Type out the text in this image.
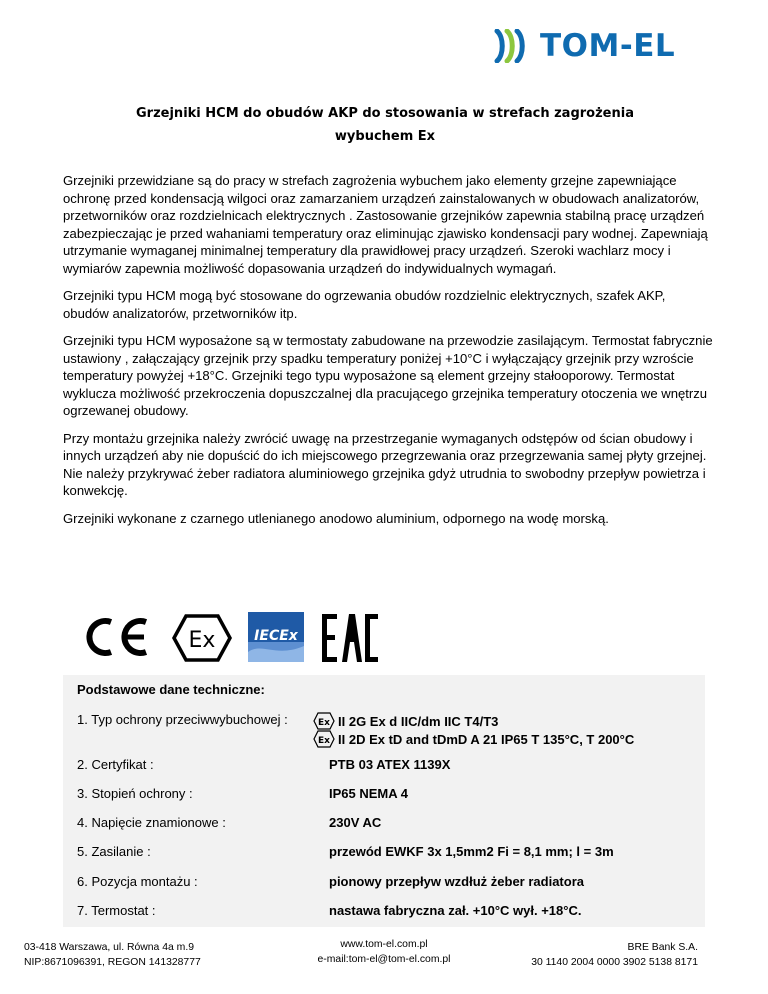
TOM-EL
Grzejniki HCM do obudów AKP do stosowania w strefach zagrożenia
wybuchem Ex

Grzejniki przewidziane są do pracy w strefach zagrożenia wybuchem jako elementy grzejne zapewniające ochronę przed kondensacją wilgoci oraz zamarzaniem urządzeń zainstalowanych w obudowach analizatorów, przetworników oraz rozdzielnicach elektrycznych . Zastosowanie grzejników zapewnia stabilną pracę urządzeń zabezpieczając je przed wahaniami temperatury oraz eliminując zjawisko kondensacji pary wodnej. Zapewniają utrzymanie wymaganej minimalnej temperatury dla prawidłowej pracy urządzeń. Szeroki wachlarz mocy i wymiarów zapewnia możliwość dopasowania urządzeń do indywidualnych wymagań.

Grzejniki typu HCM mogą być stosowane do ogrzewania obudów rozdzielnic elektrycznych, szafek AKP, obudów analizatorów, przetworników itp.

Grzejniki typu HCM wyposażone są w termostaty zabudowane na przewodzie zasilającym. Termostat fabrycznie ustawiony , załączający grzejnik przy spadku temperatury poniżej +10°C i wyłączający grzejnik przy wzroście temperatury powyżej +18°C. Grzejniki tego typu wyposażone są element grzejny stałooporowy. Termostat wyklucza możliwość przekroczenia dopuszczalnej dla pracującego grzejnika temperatury otoczenia we wnętrzu ogrzewanej obudowy.

Przy montażu grzejnika należy zwrócić uwagę na przestrzeganie wymaganych odstępów od ścian obudowy i innych urządzeń aby nie dopuścić do ich miejscowego przegrzewania oraz przegrzewania samej płyty grzejnej. Nie należy przykrywać żeber radiatora aluminiowego grzejnika gdyż utrudnia to swobodny przepływ powietrza i konwekcję.

Grzejniki wykonane z czarnego utlenianego anodowo aluminium, odpornego na wodę morską.

CE
Ex	IECEx
EAC
Podstawowe dane techniczne:
1. Typ ochrony przeciwwybuchowej :	Ex II 2G Ex d IIC/dm IIC T4/T3
Ex II 2D Ex tD and tDmD A 21 IP65 T 135°C, T 200°C
2. Certyfikat :	PTB 03 ATEX 1139X
3. Stopień ochrony :	IP65 NEMA 4
4. Napięcie znamionowe :	230V AC
5. Zasilanie :	przewód EWKF 3x 1,5mm2 Fi = 8,1 mm; l = 3m
6. Pozycja montażu :	pionowy przepływ wzdłuż żeber radiatora
7. Termostat :	nastawa fabryczna zał. +10°C wył. +18°C.
03-418 Warszawa, ul. Równa 4a m.9
NIP:8671096391, REGON 141328777
www.tom-el.com.pl
e-mail:tom-el@tom-el.com.pl
BRE Bank S.A.
30 1140 2004 0000 3902 5138 8171
